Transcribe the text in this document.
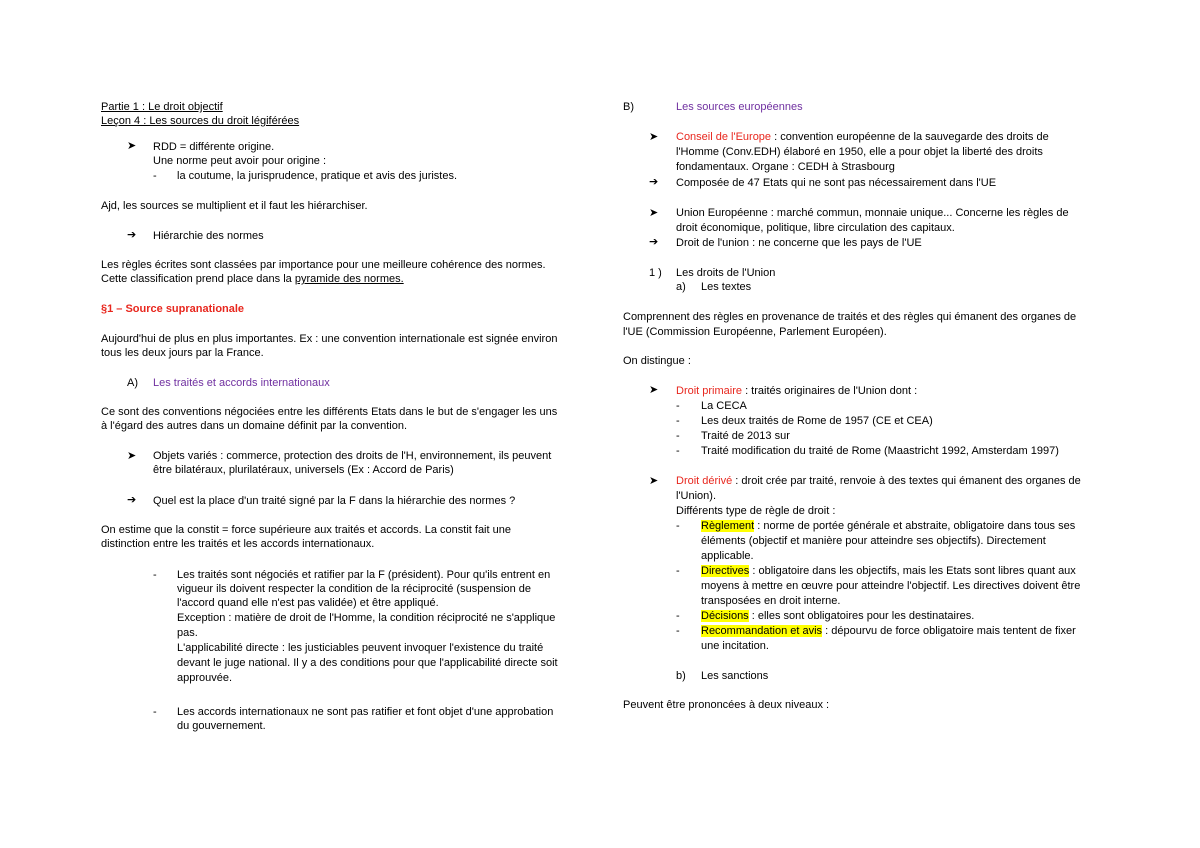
Partie 1 : Le droit objectif
Leçon 4 : Les sources du droit légiférées
➤ RDD = différente origine.
Une norme peut avoir pour origine :
- la coutume, la jurisprudence, pratique et avis des juristes.
Ajd, les sources se multiplient et il faut les hiérarchiser.
➔ Hiérarchie des normes
Les règles écrites sont classées par importance pour une meilleure cohérence des normes.
Cette classification prend place dans la pyramide des normes.
§1 – Source supranationale
Aujourd'hui de plus en plus importantes. Ex : une convention internationale est signée environ
tous les deux jours par la France.
A) Les traités et accords internationaux
Ce sont des conventions négociées entre les différents Etats dans le but de s'engager les uns
à l'égard des autres dans un domaine définit par la convention.
➤ Objets variés : commerce, protection des droits de l'H, environnement, ils peuvent
être bilatéraux, plurilatéraux, universels (Ex : Accord de Paris)
➔ Quel est la place d'un traité signé par la F dans la hiérarchie des normes ?
On estime que la constit = force supérieure aux traités et accords. La constit fait une
distinction entre les traités et les accords internationaux.
- Les traités sont négociés et ratifier par la F (président). Pour qu'ils entrent en
vigueur ils doivent respecter la condition de la réciprocité (suspension de
l'accord quand elle n'est pas validée) et être appliqué.
Exception : matière de droit de l'Homme, la condition réciprocité ne s'applique
pas.
L'applicabilité directe : les justiciables peuvent invoquer l'existence du traité
devant le juge national. Il y a des conditions pour que l'applicabilité directe soit
approuvée.
- Les accords internationaux ne sont pas ratifier et font objet d'une approbation
du gouvernement.
B)	Les sources européennes
➤ Conseil de l'Europe : convention européenne de la sauvegarde des droits de
l'Homme (Conv.EDH) élaboré en 1950, elle a pour objet la liberté des droits
fondamentaux. Organe : CEDH à Strasbourg
➔ Composée de 47 Etats qui ne sont pas nécessairement dans l'UE
➤ Union Européenne : marché commun, monnaie unique... Concerne les règles de
droit économique, politique, libre circulation des capitaux.
➔ Droit de l'union : ne concerne que les pays de l'UE
1 ) Les droits de l'Union
a) Les textes
Comprennent des règles en provenance de traités et des règles qui émanent des organes de
l'UE (Commission Européenne, Parlement Européen).
On distingue :
➤ Droit primaire : traités originaires de l'Union dont :
- La CECA
- Les deux traités de Rome de 1957 (CE et CEA)
- Traité de 2013 sur
- Traité modification du traité de Rome (Maastricht 1992, Amsterdam 1997)
➤ Droit dérivé : droit crée par traité, renvoie à des textes qui émanent des organes de
l'Union).
Différents type de règle de droit :
- Règlement : norme de portée générale et abstraite, obligatoire dans tous ses
éléments (objectif et manière pour atteindre ses objectifs). Directement
applicable.
- Directives : obligatoire dans les objectifs, mais les Etats sont libres quant aux
moyens à mettre en œuvre pour atteindre l'objectif. Les directives doivent être
transposées en droit interne.
- Décisions : elles sont obligatoires pour les destinataires.
- Recommandation et avis : dépourvu de force obligatoire mais tentent de fixer
une incitation.
b) Les sanctions
Peuvent être prononcées à deux niveaux :
